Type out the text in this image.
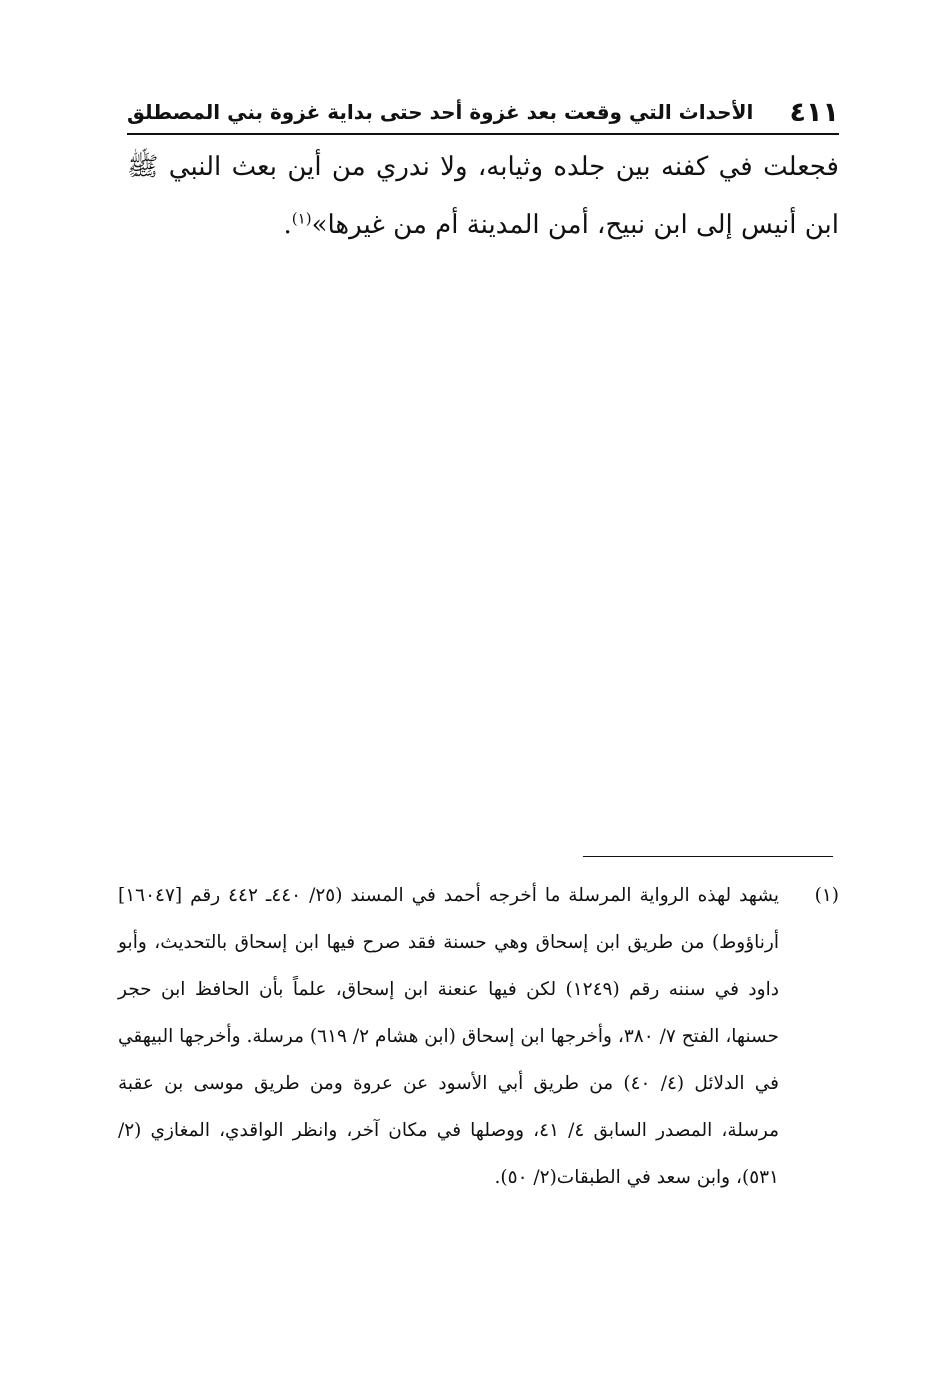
٤١١
الأحداث التي وقعت بعد غزوة أحد حتى بداية غزوة بني المصطلق

فجعلت في كفنه بين جلده وثيابه، ولا ندري من أين بعث النبي ﷺ ابن أنيس إلى ابن نبيح، أمن المدينة أم من غيرها»$^{(١)}$.

(١)
يشهد لهذه الرواية المرسلة ما أخرجه أحمد في المسند (٢٥/ ٤٤٠ـ ٤٤٢ رقم [١٦٠٤٧] أرناؤوط) من طريق ابن إسحاق وهي حسنة فقد صرح فيها ابن إسحاق بالتحديث، وأبو داود في سننه رقم (١٢٤٩) لكن فيها عنعنة ابن إسحاق، علماً بأن الحافظ ابن حجر حسنها، الفتح ٧/ ٣٨٠، وأخرجها ابن إسحاق (ابن هشام ٢/ ٦١٩) مرسلة. وأخرجها البيهقي في الدلائل (٤/ ٤٠) من طريق أبي الأسود عن عروة ومن طريق موسى بن عقبة مرسلة، المصدر السابق ٤/ ٤١، ووصلها في مكان آخر، وانظر الواقدي، المغازي (٢/ ٥٣١)، وابن سعد في الطبقات(٢/ ٥٠).
